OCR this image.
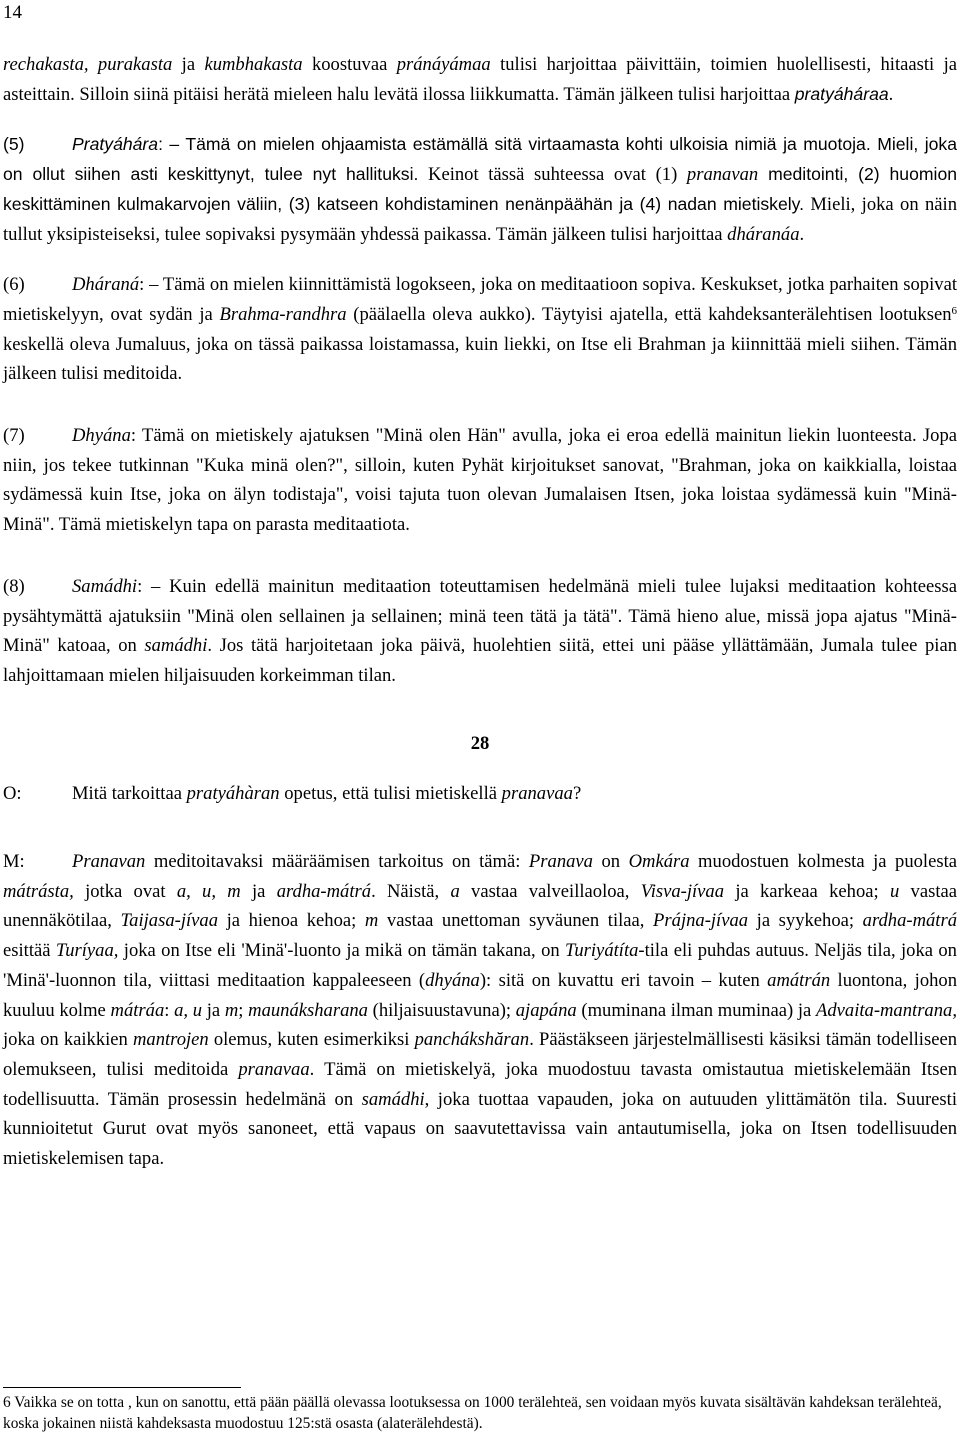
14

rechakasta, purakasta ja kumbhakasta koostuvaa pránáyámaa tulisi harjoittaa päivittäin, toimien huolellisesti, hitaasti ja asteittain. Silloin siinä pitäisi herätä mieleen halu levätä ilossa liikkumatta. Tämän jälkeen tulisi harjoittaa pratyáháraa.

(5)	Pratyáhára: – Tämä on mielen ohjaamista estämällä sitä virtaamasta kohti ulkoisia nimiä ja muotoja. Mieli, joka on ollut siihen asti keskittynyt, tulee nyt hallituksi. Keinot tässä suhteessa ovat (1) pranavan meditointi, (2) huomion keskittäminen kulmakarvojen väliin, (3) katseen kohdistaminen nenänpäähän ja (4) nadan mietiskely. Mieli, joka on näin tullut yksipisteiseksi, tulee sopivaksi pysymään yhdessä paikassa. Tämän jälkeen tulisi harjoittaa dháranáa.

(6)	Dháraná: – Tämä on mielen kiinnittämistä logokseen, joka on meditaatioon sopiva. Keskukset, jotka parhaiten sopivat mietiskelyyn, ovat sydän ja Brahma-randhra (päälaella oleva aukko). Täytyisi ajatella, että kahdeksanterälehtisen lootuksen$^6$ keskellä oleva Jumaluus, joka on tässä paikassa loistamassa, kuin liekki, on Itse eli Brahman ja kiinnittää mieli siihen. Tämän jälkeen tulisi meditoida.

(7)	Dhyána: Tämä on mietiskely ajatuksen "Minä olen Hän" avulla, joka ei eroa edellä mainitun liekin luonteesta. Jopa niin, jos tekee tutkinnan "Kuka minä olen?", silloin, kuten Pyhät kirjoitukset sanovat, "Brahman, joka on kaikkialla, loistaa sydämessä kuin Itse, joka on älyn todistaja", voisi tajuta tuon olevan Jumalaisen Itsen, joka loistaa sydämessä kuin "Minä-Minä". Tämä mietiskelyn tapa on parasta meditaatiota.

(8)	Samádhi: – Kuin edellä mainitun meditaation toteuttamisen hedelmänä mieli tulee lujaksi meditaation kohteessa pysähtymättä ajatuksiin "Minä olen sellainen ja sellainen; minä teen tätä ja tätä". Tämä hieno alue, missä jopa ajatus "Minä-Minä" katoaa, on samádhi. Jos tätä harjoitetaan joka päivä, huolehtien siitä, ettei uni pääse yllättämään, Jumala tulee pian lahjoittamaan mielen hiljaisuuden korkeimman tilan.

28

O:	Mitä tarkoittaa pratyáhàran opetus, että tulisi mietiskellä pranavaa?

M:	Pranavan meditoitavaksi määräämisen tarkoitus on tämä: Pranava on Omkára muodostuen kolmesta ja puolesta mátrásta, jotka ovat a, u, m ja ardha-mátrá. Näistä, a vastaa valveillaoloa, Visva-jívaa ja karkeaa kehoa; u vastaa unennäkötilaa, Taijasa-jívaa ja hienoa kehoa; m vastaa unettoman syväunen tilaa, Prájna-jívaa ja syykehoa; ardha-mátrá esittää Turíyaa, joka on Itse eli 'Minä'-luonto ja mikä on tämän takana, on Turiyátíta-tila eli puhdas autuus. Neljäs tila, joka on 'Minä'-luonnon tila, viittasi meditaation kappaleeseen (dhyána): sitä on kuvattu eri tavoin – kuten amátrán luontona, johon kuuluu kolme mátráa: a, u ja m; maunáksharana (hiljaisuustavuna); ajapána (muminana ilman muminaa) ja Advaita-mantrana, joka on kaikkien mantrojen olemus, kuten esimerkiksi panchákshăran. Päästäkseen järjestelmällisesti käsiksi tämän todelliseen olemukseen, tulisi meditoida pranavaa. Tämä on mietiskelyä, joka muodostuu tavasta omistautua mietiskelemään Itsen todellisuutta. Tämän prosessin hedelmänä on samádhi, joka tuottaa vapauden, joka on autuuden ylittämätön tila. Suuresti kunnioitetut Gurut ovat myös sanoneet, että vapaus on saavutettavissa vain antautumisella, joka on Itsen todellisuuden mietiskelemisen tapa.

6 Vaikka se on totta , kun on sanottu, että pään päällä olevassa lootuksessa on 1000 terälehteä, sen voidaan myös kuvata sisältävän kahdeksan terälehteä, koska jokainen niistä kahdeksasta muodostuu 125:stä osasta (alaterälehdestä).
